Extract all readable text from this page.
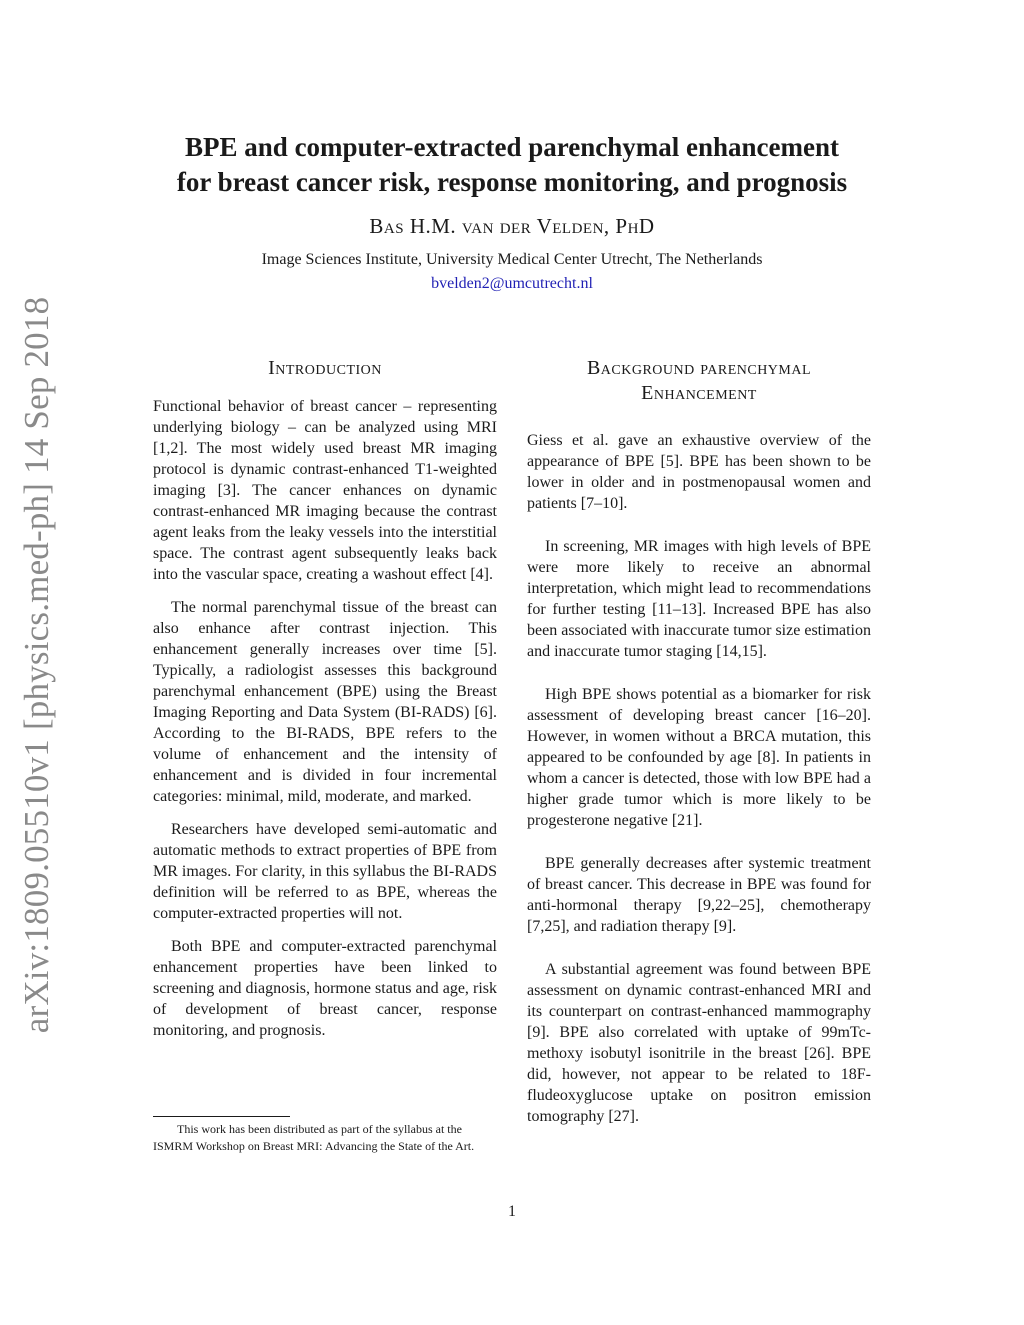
arXiv:1809.05510v1 [physics.med-ph] 14 Sep 2018
BPE and computer-extracted parenchymal enhancement
for breast cancer risk, response monitoring, and prognosis
Bas H.M. van der Velden, PhD
Image Sciences Institute, University Medical Center Utrecht, The Netherlands
bvelden2@umcutrecht.nl
Introduction

Functional behavior of breast cancer – representing underlying biology – can be analyzed using MRI [1,2]. The most widely used breast MR imaging protocol is dynamic contrast-enhanced T1-weighted imaging [3]. The cancer enhances on dynamic contrast-enhanced MR imaging because the contrast agent leaks from the leaky vessels into the interstitial space. The contrast agent subsequently leaks back into the vascular space, creating a washout effect [4].

The normal parenchymal tissue of the breast can also enhance after contrast injection. This enhancement generally increases over time [5]. Typically, a radiologist assesses this background parenchymal enhancement (BPE) using the Breast Imaging Reporting and Data System (BI-RADS) [6]. According to the BI-RADS, BPE refers to the volume of enhancement and the intensity of enhancement and is divided in four incremental categories: minimal, mild, moderate, and marked.

Researchers have developed semi-automatic and automatic methods to extract properties of BPE from MR images. For clarity, in this syllabus the BI-RADS definition will be referred to as BPE, whereas the computer-extracted properties will not.

Both BPE and computer-extracted parenchymal enhancement properties have been linked to screening and diagnosis, hormone status and age, risk of development of breast cancer, response monitoring, and prognosis.

Background parenchymal Enhancement

Giess et al. gave an exhaustive overview of the appearance of BPE [5]. BPE has been shown to be lower in older and in postmenopausal women and patients [7–10].

In screening, MR images with high levels of BPE were more likely to receive an abnormal interpretation, which might lead to recommendations for further testing [11–13]. Increased BPE has also been associated with inaccurate tumor size estimation and inaccurate tumor staging [14,15].

High BPE shows potential as a biomarker for risk assessment of developing breast cancer [16–20]. However, in women without a BRCA mutation, this appeared to be confounded by age [8]. In patients in whom a cancer is detected, those with low BPE had a higher grade tumor which is more likely to be progesterone negative [21].

BPE generally decreases after systemic treatment of breast cancer. This decrease in BPE was found for anti-hormonal therapy [9,22–25], chemotherapy [7,25], and radiation therapy [9].

A substantial agreement was found between BPE assessment on dynamic contrast-enhanced MRI and its counterpart on contrast-enhanced mammography [9]. BPE also correlated with uptake of 99mTc-methoxy isobutyl isonitrile in the breast [26]. BPE did, however, not appear to be related to 18F-fludeoxyglucose uptake on positron emission tomography [27].

This work has been distributed as part of the syllabus at the ISMRM Workshop on Breast MRI: Advancing the State of the Art.
1
